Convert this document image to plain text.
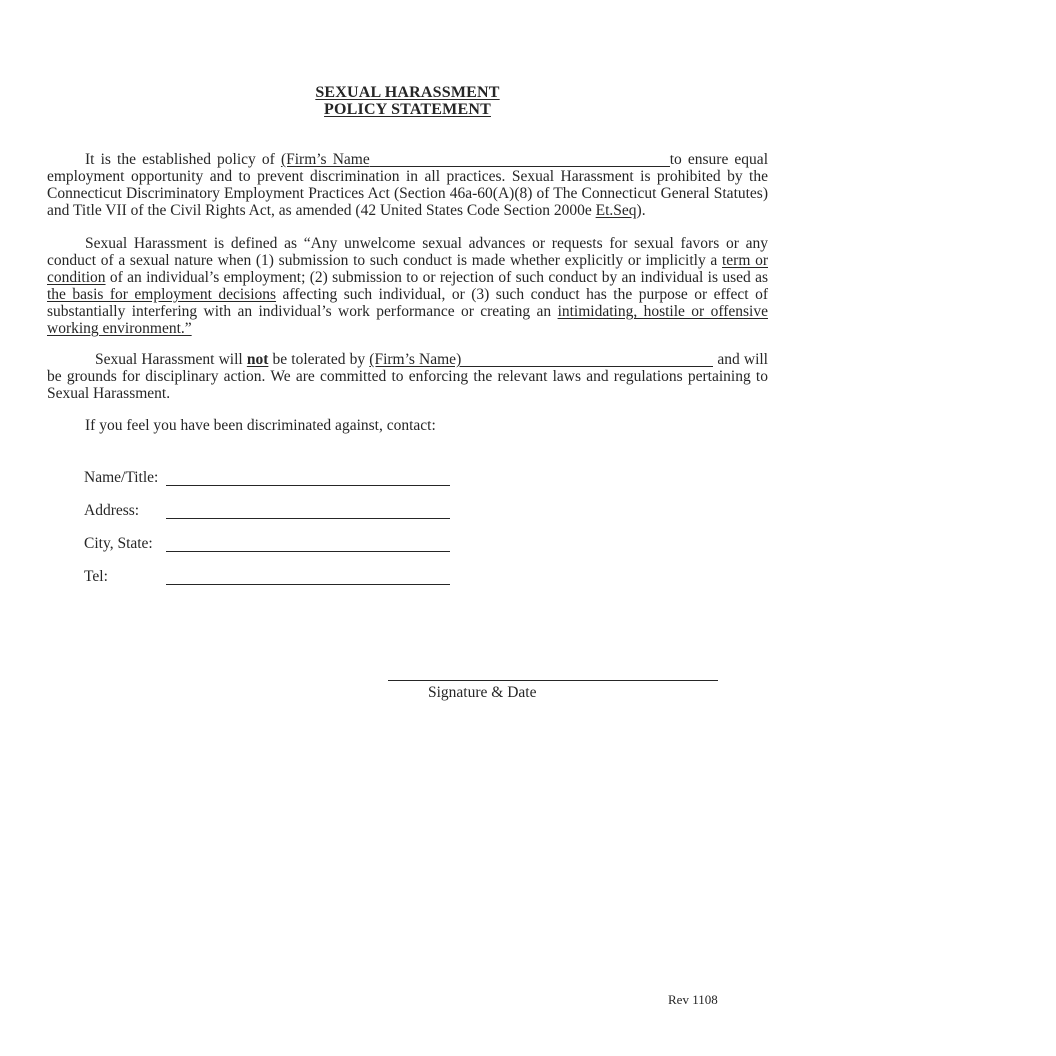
SEXUAL HARASSMENT
POLICY STATEMENT
It is the established policy of (Firm’s Name	to ensure equal employment opportunity and to prevent discrimination in all practices. Sexual Harassment is prohibited by the Connecticut Discriminatory Employment Practices Act (Section 46a-60(A)(8) of The Connecticut General Statutes) and Title VII of the Civil Rights Act, as amended (42 United States Code Section 2000e Et.Seq).
Sexual Harassment is defined as “Any unwelcome sexual advances or requests for sexual favors or any conduct of a sexual nature when (1) submission to such conduct is made whether explicitly or implicitly a term or condition of an individual’s employment; (2) submission to or rejection of such conduct by an individual is used as the basis for employment decisions affecting such individual, or (3) such conduct has the purpose or effect of substantially interfering with an individual’s work performance or creating an intimidating, hostile or offensive working environment.”
Sexual Harassment will not be tolerated by (Firm’s Name)	and will be grounds for disciplinary action. We are committed to enforcing the relevant laws and regulations pertaining to Sexual Harassment.
If you feel you have been discriminated against, contact:
Name/Title:
Address:
City, State:
Tel:
Signature & Date
Rev 1108
